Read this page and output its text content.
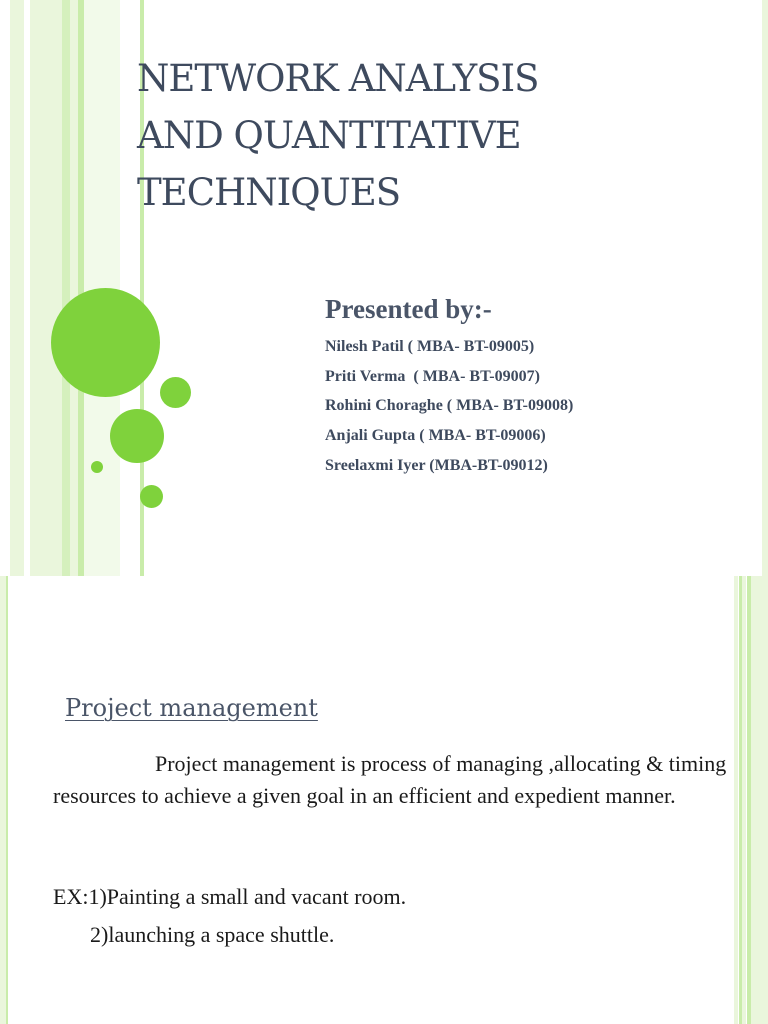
NETWORK ANALYSIS
AND QUANTITATIVE
TECHNIQUES

Presented by:-

Nilesh Patil ( MBA- BT-09005)
Priti Verma  ( MBA- BT-09007)
Rohini Choraghe ( MBA- BT-09008)
Anjali Gupta ( MBA- BT-09006)
Sreelaxmi Iyer (MBA-BT-09012)
Project management

Project management is process of managing ,allocating & timing resources to achieve a given goal in an efficient and expedient manner.

EX:1)Painting a small and vacant room.

2)launching a space shuttle.
